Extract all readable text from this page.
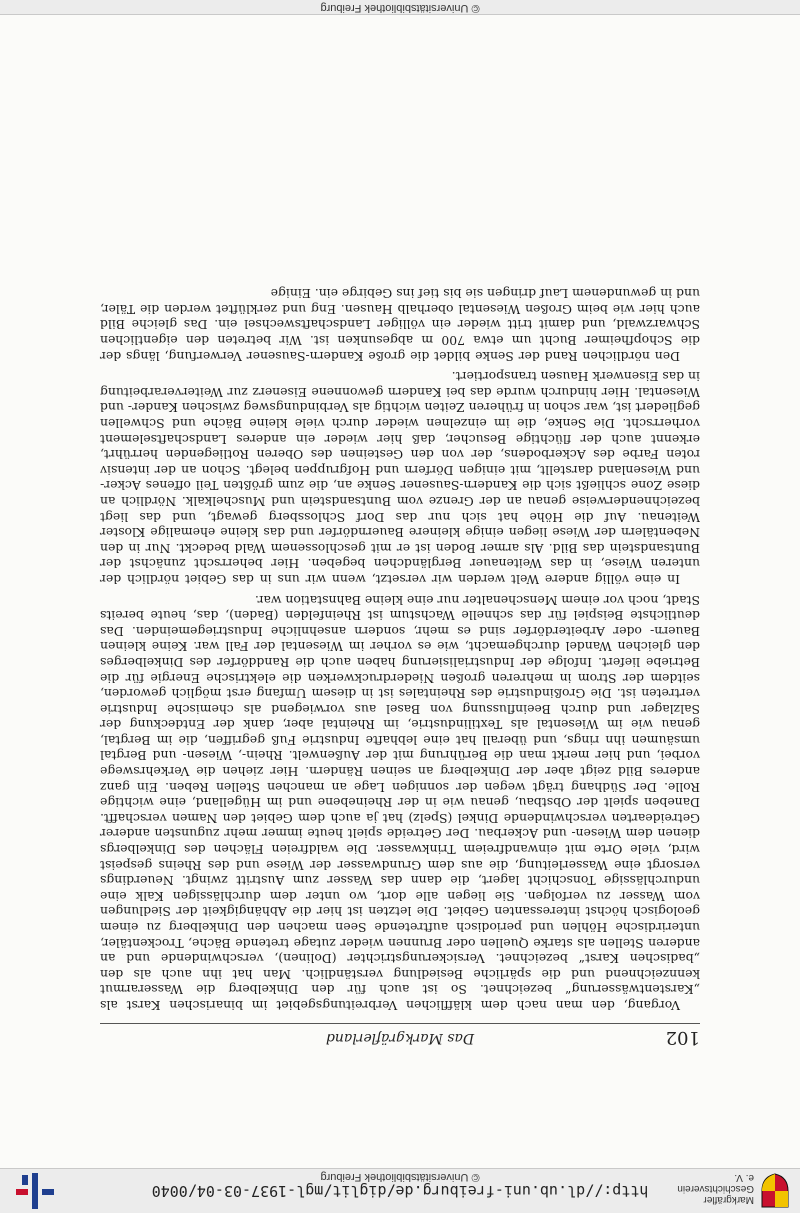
Markgräfler Geschichtsverein e. V.
http://dl.ub.uni-freiburg.de/diglit/mgl-1937-03-04/0040
© Universitätsbibliothek Freiburg
102
Das Markgräflerland

Vorgang, den man nach dem kläfflichen Verbreitungsgebiet im binarischen Karst als „Karstentwässerung“ bezeichnet. So ist auch für den Dinkelberg die Wasserarmut kennzeichnend und die spärliche Besiedlung verständlich. Man hat ihn auch als den „badischen Karst“ bezeichnet. Versickerungstrichter (Dolinen), verschwindende und an anderen Stellen als starke Quellen oder Brunnen wieder zutage tretende Bäche, Trockentäler, unterirdische Höhlen und periodisch auftretende Seen machen den Dinkelberg zu einem geologisch höchst interessanten Gebiet. Die letzten ist hier die Abhängigkeit der Siedlungen vom Wasser zu verfolgen. Sie liegen alle dort, wo unter dem durchlässigen Kalk eine undurchlässige Tonschicht lagert, die dann das Wasser zum Austritt zwingt. Neuerdings versorgt eine Wasserleitung, die aus dem Grundwasser der Wiese und des Rheins gespeist wird, viele Orte mit einwandfreiem Trinkwasser. Die waldfreien Flächen des Dinkelbergs dienen dem Wiesen- und Ackerbau. Der Getreide spielt heute immer mehr zugunsten anderer Getreidearten verschwindende Dinkel (Spelz) hat ja auch dem Gebiet den Namen verschafft. Daneben spielt der Obstbau, genau wie in der Rheinebene und im Hügelland, eine wichtige Rolle. Der Südhang trägt wegen der sonnigen Lage an manchen Stellen Reben. Ein ganz anderes Bild zeigt aber der Dinkelberg an seinen Rändern. Hier ziehen die Verkehrswege vorbei, und hier merkt man die Berührung mit der Außenwelt. Rhein-, Wiesen- und Bergtal umsäumen ihn rings, und überall hat eine lebhafte Industrie Fuß gegriffen, die im Bergtal, genau wie im Wiesental als Textilindustrie, im Rheintal aber, dank der Entdeckung der Salzlager und durch Beeinflussung von Basel aus vorwiegend als chemische Industrie vertreten ist. Die Großindustrie des Rheintales ist in diesem Umfang erst möglich geworden, seitdem der Strom in mehreren großen Niederdruckwerken die elektrische Energie für die Betriebe liefert. Infolge der Industrialisierung haben auch die Randdörfer des Dinkelberges den gleichen Wandel durchgemacht, wie es vorher im Wiesental der Fall war. Keine kleinen Bauern- oder Arbeiterdörfer sind es mehr, sondern ansehnliche Industriegemeinden. Das deutlichste Beispiel für das schnelle Wachstum ist Rheinfelden (Baden), das, heute bereits Stadt, noch vor einem Menschenalter nur eine kleine Bahnstation war.

In eine völlig andere Welt werden wir versetzt, wenn wir uns in das Gebiet nördlich der unteren Wiese, in das Weitenauer Bergländchen begeben. Hier beherrscht zunächst der Buntsandstein das Bild. Als armer Boden ist er mit geschlossenem Wald bedeckt. Nur in den Nebentälern der Wiese liegen einige kleinere Bauerndörfer und das kleine ehemalige Kloster Weitenau. Auf die Höhe hat sich nur das Dorf Schlossberg gewagt, und das liegt bezeichnenderweise genau an der Grenze vom Buntsandstein und Muschelkalk. Nördlich an diese Zone schließt sich die Kandern-Sausener Senke an, die zum größten Teil offenes Acker- und Wiesenland darstellt, mit einigen Dörfern und Hofgruppen belegt. Schon an der intensiv roten Farbe des Ackerbodens, der von den Gesteinen des Oberen Rotliegenden herrührt, erkennt auch der flüchtige Besucher, daß hier wieder ein anderes Landschaftselement vorherrscht. Die Senke, die im einzelnen wieder durch viele kleine Bäche und Schwellen gegliedert ist, war schon in früheren Zeiten wichtig als Verbindungsweg zwischen Kander- und Wiesental. Hier hindurch wurde das bei Kandern gewonnene Eisenerz zur Weiterverarbeitung in das Eisenwerk Hausen transportiert.

Den nördlichen Rand der Senke bildet die große Kandern-Sausener Verwerfung, längs der die Schopfheimer Bucht um etwa 700 m abgesunken ist. Wir betreten den eigentlichen Schwarzwald, und damit tritt wieder ein völliger Landschaftswechsel ein. Das gleiche Bild auch hier wie beim Großen Wiesental oberhalb Hausen. Eng und zerklüftet werden die Täler, und in gewundenem Lauf dringen sie bis tief ins Gebirge ein. Einige

© Universitätsbibliothek Freiburg
